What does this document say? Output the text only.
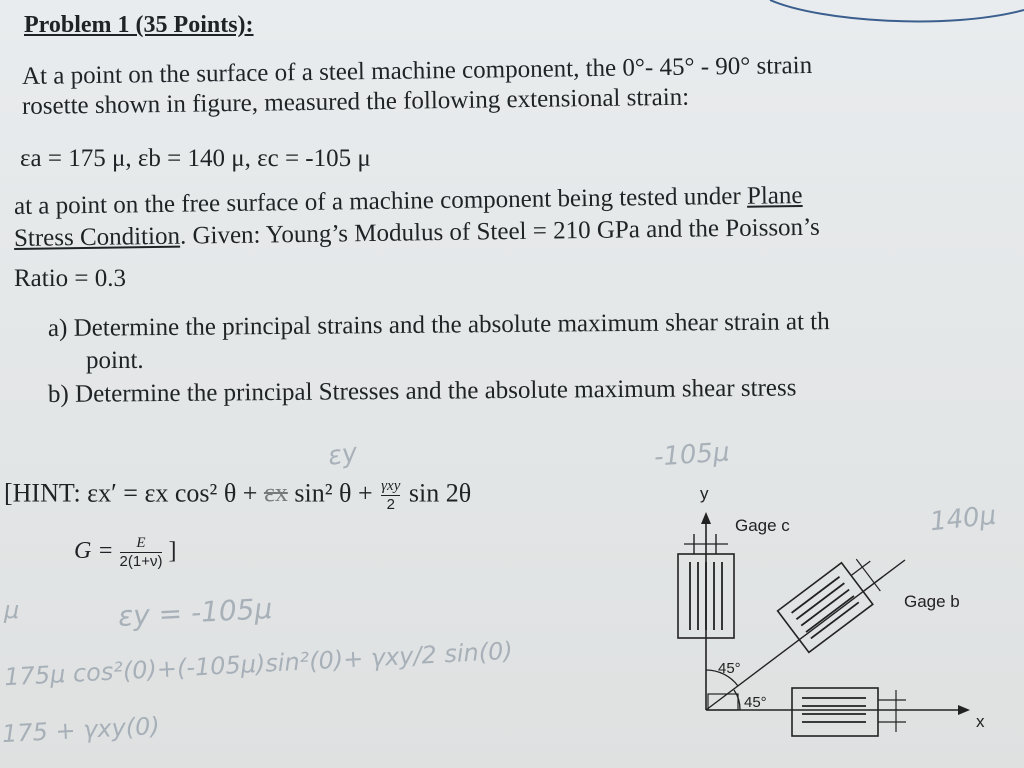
Problem 1 (35 Points):
At a point on the surface of a steel machine component, the 0°- 45° - 90° strain
rosette shown in figure, measured the following extensional strain:
εa = 175 μ, εb = 140 μ, εc = -105 μ
at a point on the free surface of a machine component being tested under Plane
Stress Condition. Given: Young’s Modulus of Steel = 210 GPa and the Poisson’s
Ratio = 0.3
a) Determine the principal strains and the absolute maximum shear strain at th
point.
b) Determine the principal Stresses and the absolute maximum shear stress
[HINT: εx′ = εx cos² θ + εx sin² θ + γxy
2 sin 2θ
$G = \frac{E}{2(1+\nu)}$ ]
εy	-105μ
140μ
εy = -105μ
175μ cos²(0)+(-105μ)sin²(0)+ γxy/2 sin(0)
175 + γxy(0)
μ
y
x
Gage c
Gage b
45°
45°
